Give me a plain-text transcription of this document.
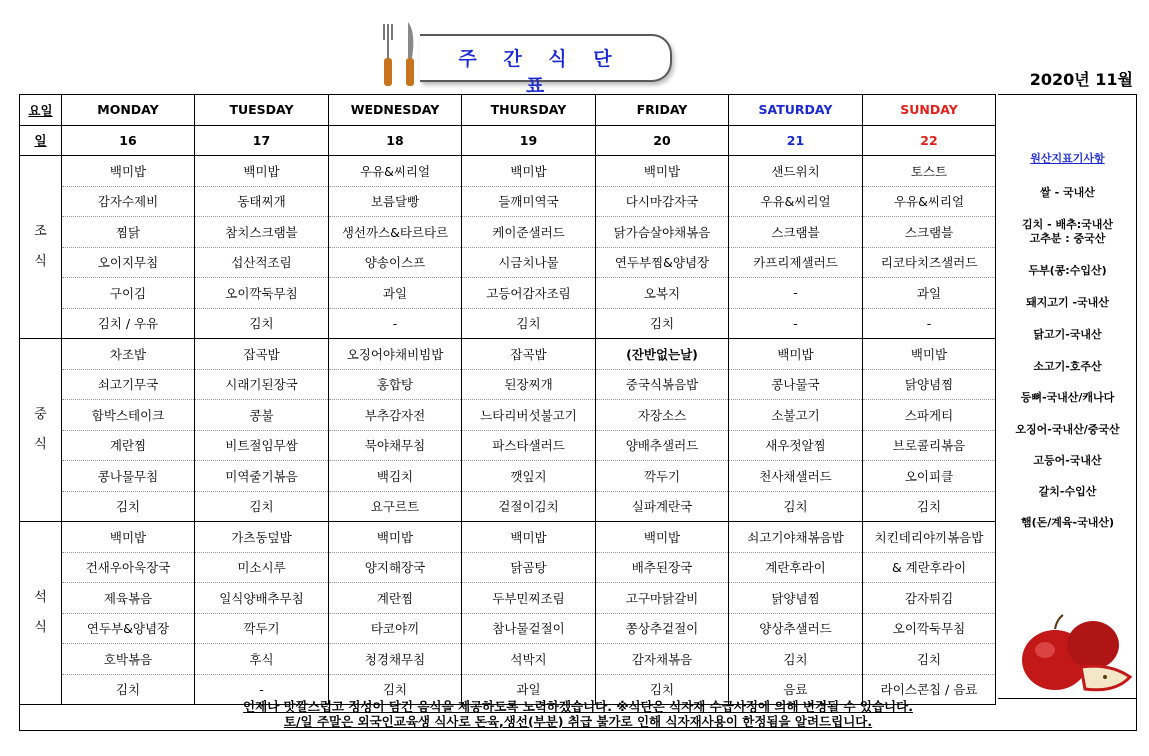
주 간 식 단 표	2020년 11월
요일	MONDAY	TUESDAY	WEDNESDAY	THURSDAY	FRIDAY	SATURDAY	SUNDAY
일	16	17	18	19	20	21	22

조
식	백미밥	백미밥	우유&씨리얼	백미밥	백미밥	샌드위치	토스트
	감자수제비	동태찌개	보름달빵	들깨미역국	다시마감자국	우유&씨리얼	우유&씨리얼
	찜닭	참치스크램블	생선까스&타르타르	케이준샐러드	닭가슴살야채볶음	스크램블	스크램블
	오이지무침	섭산적조림	양송이스프	시금치나물	연두부찜&양념장	카프리제샐러드	리코타치즈샐러드
	구이김	오이깍둑무침	과일	고등어감자조림	오복지	-	과일
	김치 / 우유	김치	-	김치	김치	-	-

중
식	차조밥	잡곡밥	오징어야채비빔밥	잡곡밥	(잔반없는날)	백미밥	백미밥
	쇠고기무국	시래기된장국	홍합탕	된장찌개	중국식볶음밥	콩나물국	닭양념찜
	함박스테이크	콩불	부추감자전	느타리버섯불고기	자장소스	소불고기	스파게티
	계란찜	비트절임무쌈	묵야채무침	파스타샐러드	양배추샐러드	새우젓알찜	브로콜리볶음
	콩나물무침	미역줄기볶음	백김치	깻잎지	깍두기	천사채샐러드	오이피클
	김치	김치	요구르트	겉절이김치	실파계란국	김치	김치

석
식	백미밥	가츠동덮밥	백미밥	백미밥	백미밥	쇠고기야채볶음밥	치킨데리야끼볶음밥
	건새우아욱장국	미소시루	양지해장국	닭곰탕	배추된장국	계란후라이	& 계란후라이
	제육볶음	일식양배추무침	계란찜	두부민찌조림	고구마닭갈비	닭양념찜	감자튀김
	연두부&양념장	깍두기	타코야끼	참나물겉절이	쫑상추겉절이	양상추샐러드	오이깍둑무침
	호박볶음	후식	청경채무침	석박지	감자채볶음	김치	김치
	김치	-	김치	과일	김치	음료	라이스콘칩 / 음료
원산지표기사항
쌀 - 국내산
김치 - 배추:국내산
고추분 : 중국산
두부(콩:수입산)
돼지고기 -국내산
닭고기-국내산
소고기-호주산
등뼈-국내산/캐나다
오징어-국내산/중국산
고등어-국내산
갈치-수입산
햄(돈/계육-국내산)
언제나 맛깔스럽고 정성이 담긴 음식을 제공하도록 노력하겠습니다. ※식단은 식자재 수급사정에 의해 변경될 수 있습니다.
토/일 주말은 외국인교육생 식사로 돈육,생선(부분) 취급 불가로 인해 식자재사용이 한정됨을 알려드립니다.
